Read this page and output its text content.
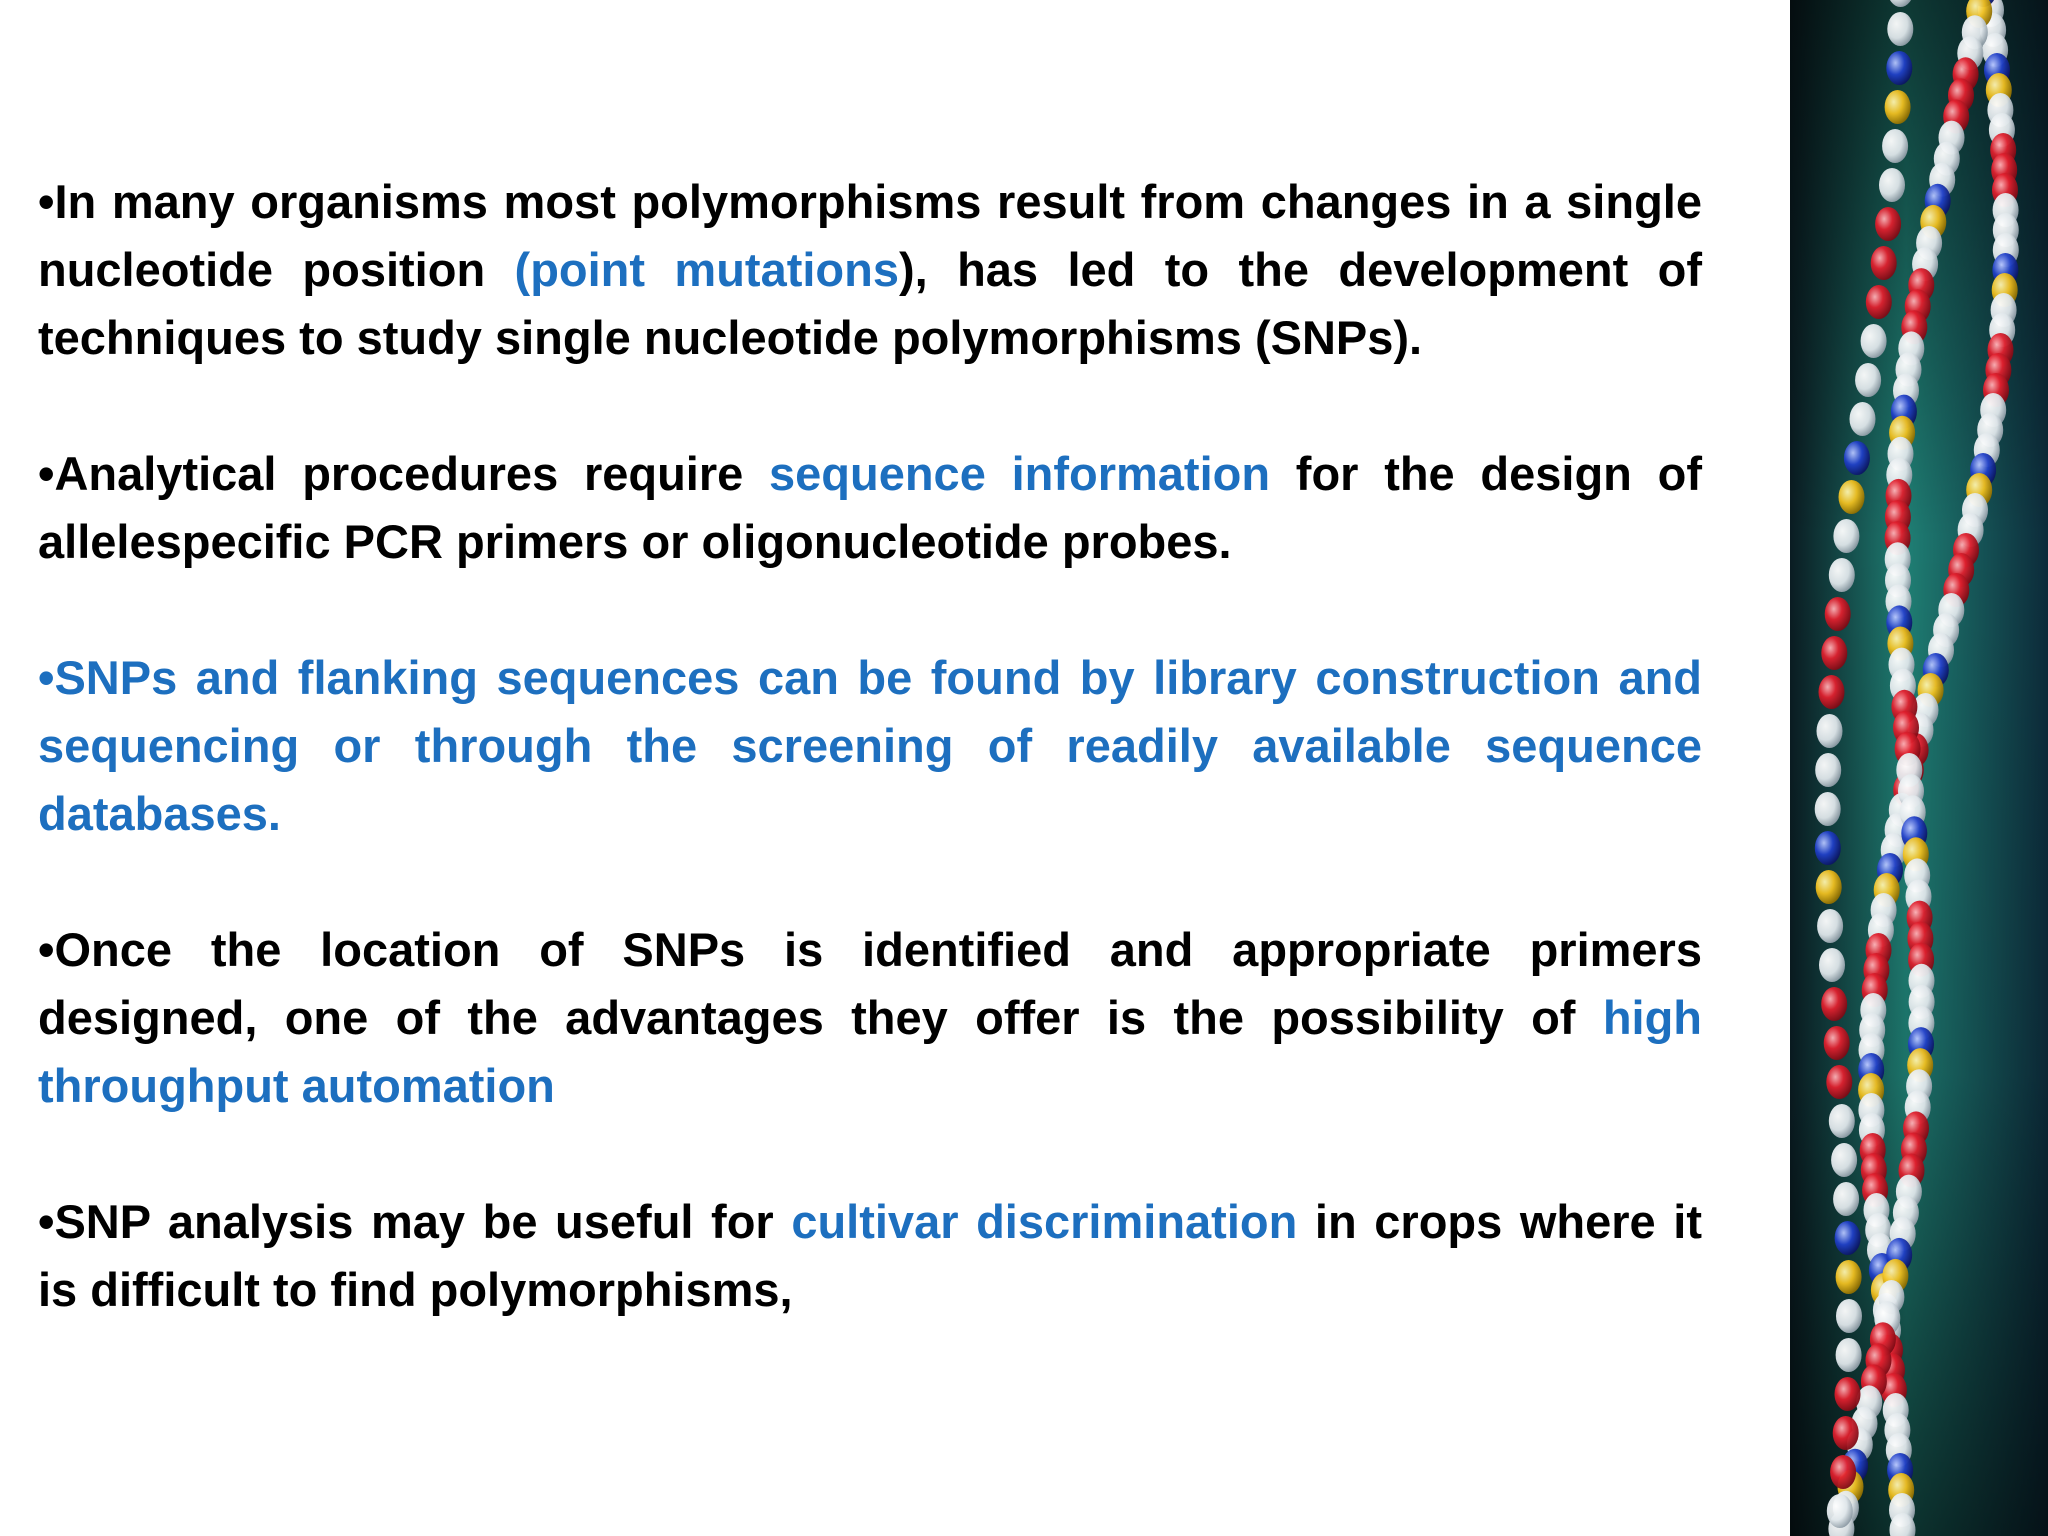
•In many organisms most polymorphisms result from changes in a single nucleotide position (point mutations), has led to the development of techniques to study single nucleotide polymorphisms (SNPs).

•Analytical procedures require sequence information for the design of allelespecific PCR primers or oligonucleotide probes.

•SNPs and flanking sequences can be found by library construction and sequencing or through the screening of readily available sequence databases.

•Once the location of SNPs is identified and appropriate primers designed, one of the advantages they offer is the possibility of high throughput automation

•SNP analysis may be useful for cultivar discrimination in crops where it is difficult to find polymorphisms,
